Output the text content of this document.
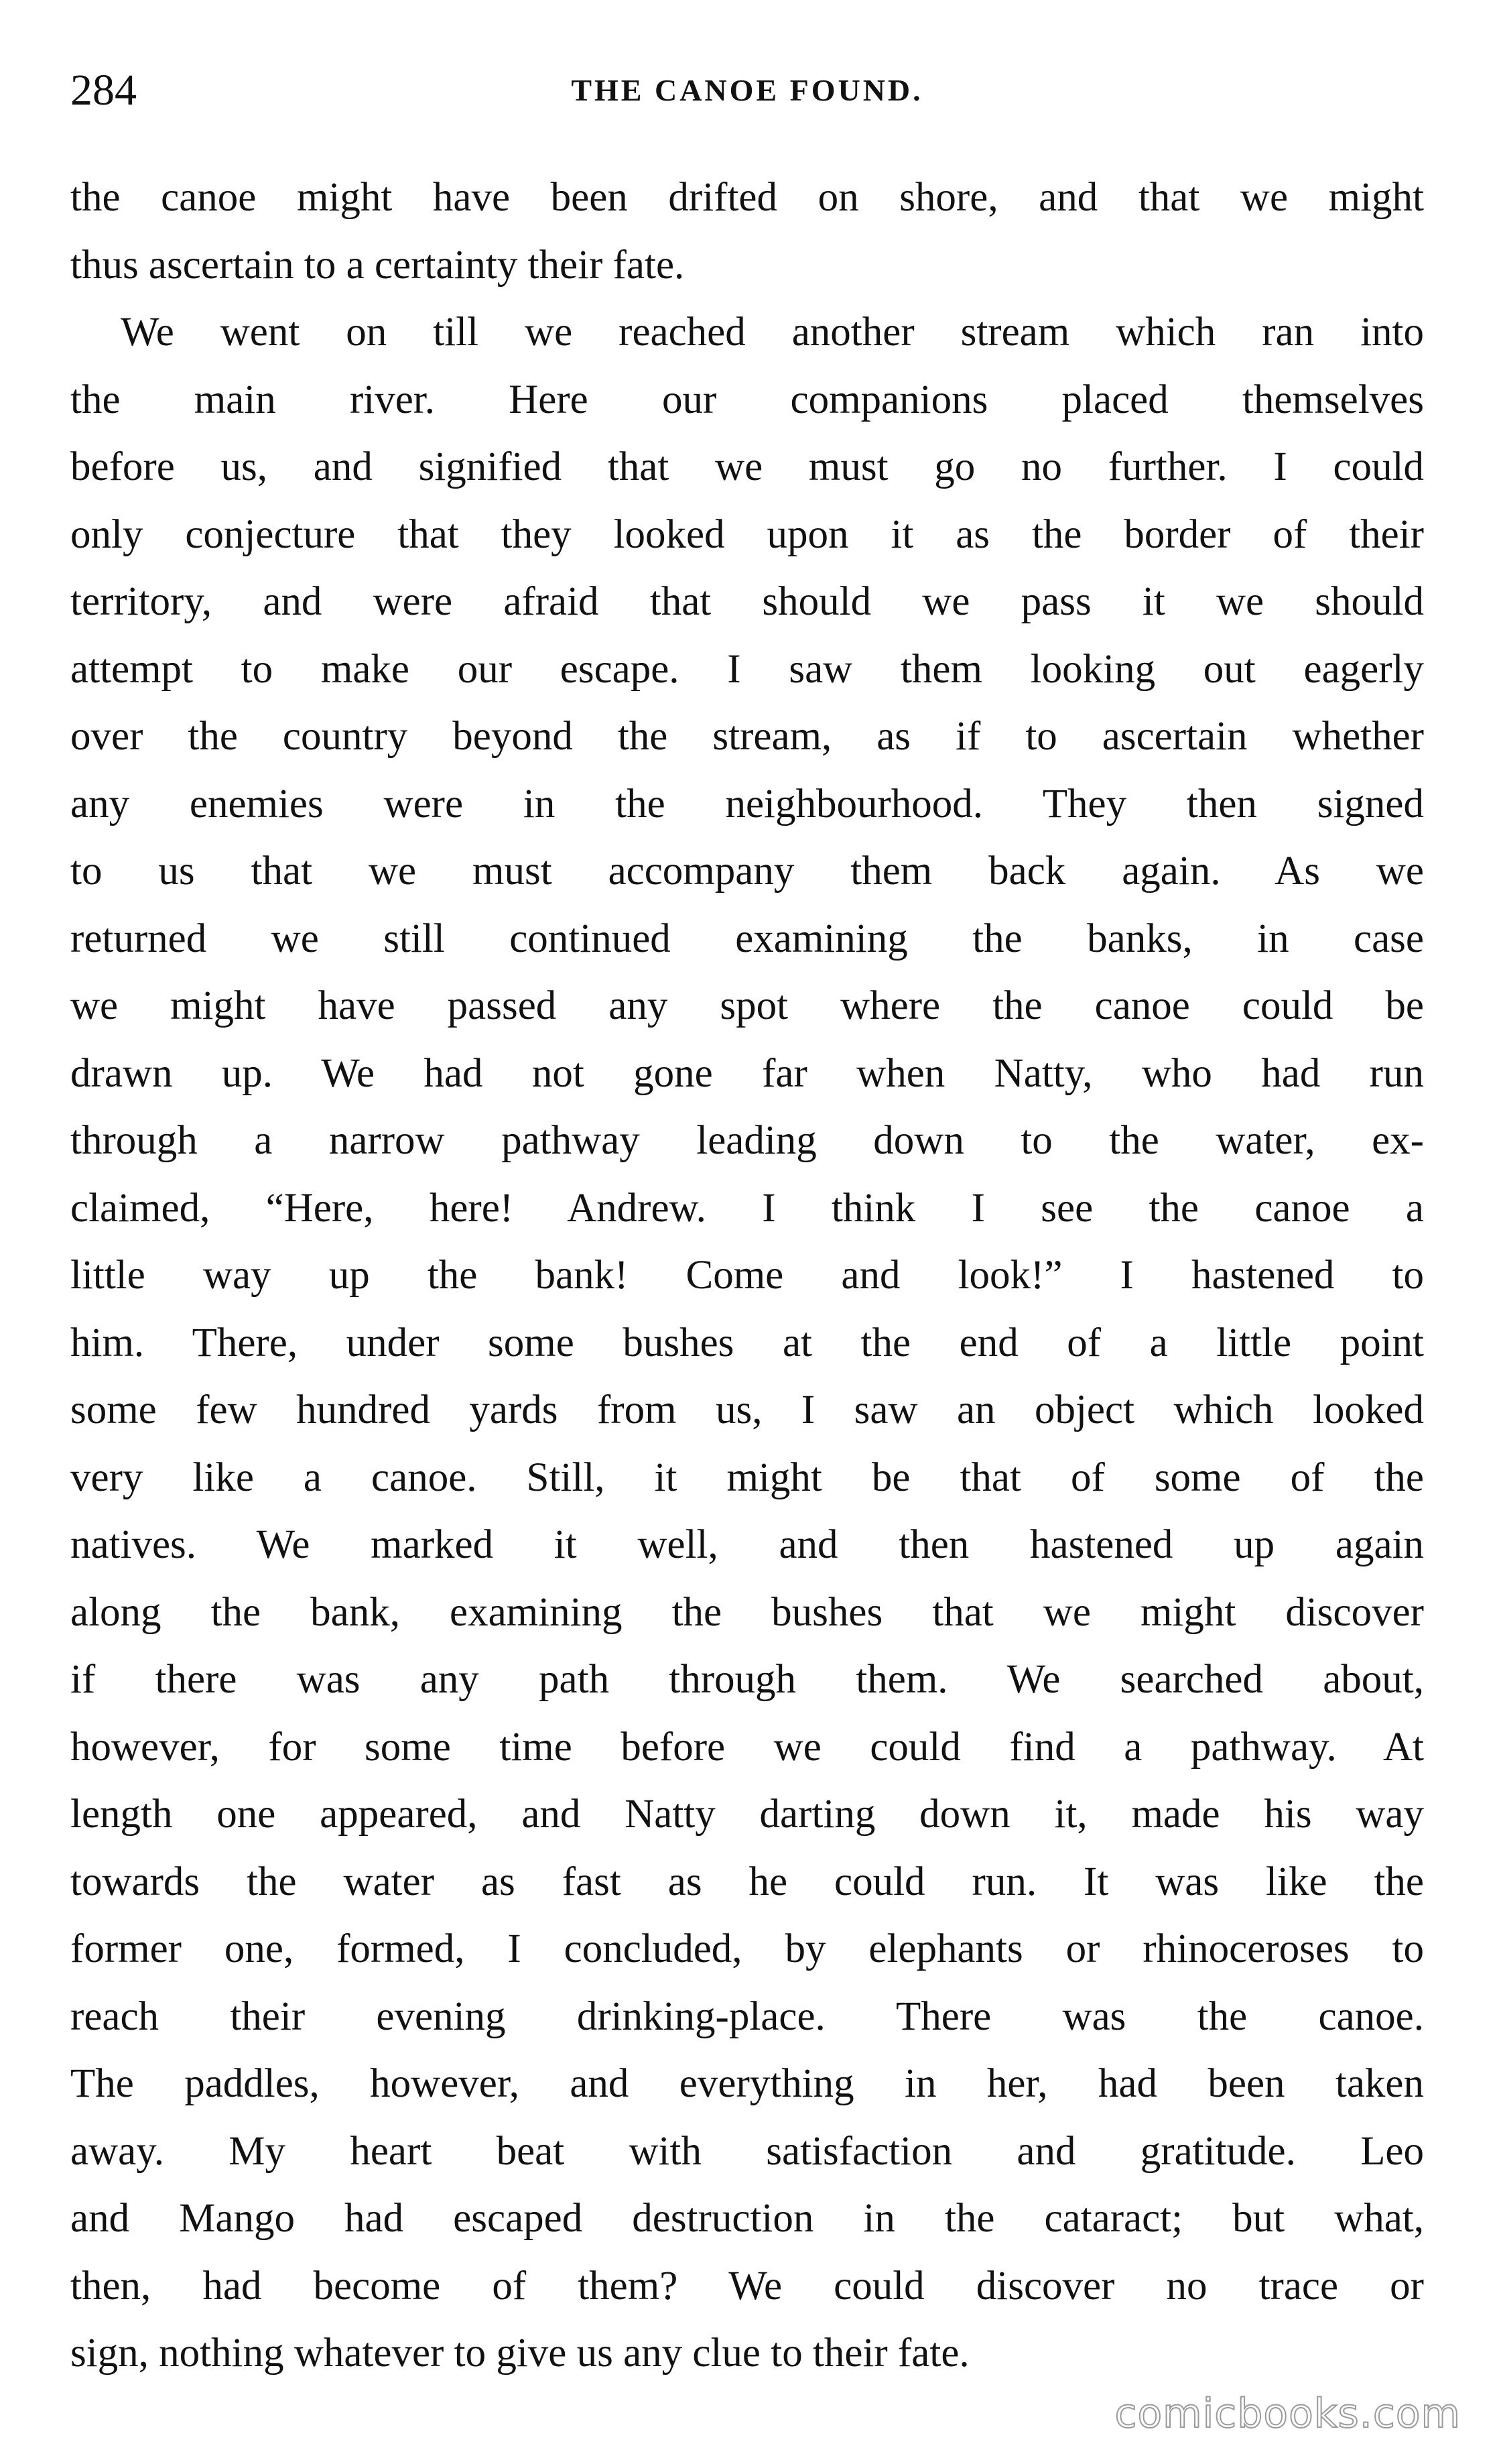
284	THE CANOE FOUND.

the canoe might have been drifted on shore, and that we might
thus ascertain to a certainty their fate.

We went on till we reached another stream which ran into
the main river. Here our companions placed themselves
before us, and signified that we must go no further. I could
only conjecture that they looked upon it as the border of their
territory, and were afraid that should we pass it we should
attempt to make our escape. I saw them looking out eagerly
over the country beyond the stream, as if to ascertain whether
any enemies were in the neighbourhood. They then signed
to us that we must accompany them back again. As we
returned we still continued examining the banks, in case
we might have passed any spot where the canoe could be
drawn up. We had not gone far when Natty, who had run
through a narrow pathway leading down to the water, ex-
claimed, “Here, here! Andrew. I think I see the canoe a
little way up the bank! Come and look!” I hastened to
him. There, under some bushes at the end of a little point
some few hundred yards from us, I saw an object which looked
very like a canoe. Still, it might be that of some of the
natives. We marked it well, and then hastened up again
along the bank, examining the bushes that we might discover
if there was any path through them. We searched about,
however, for some time before we could find a pathway. At
length one appeared, and Natty darting down it, made his way
towards the water as fast as he could run. It was like the
former one, formed, I concluded, by elephants or rhinoceroses to
reach their evening drinking-place. There was the canoe.
The paddles, however, and everything in her, had been taken
away. My heart beat with satisfaction and gratitude. Leo
and Mango had escaped destruction in the cataract; but what,
then, had become of them? We could discover no trace or
sign, nothing whatever to give us any clue to their fate.

comicbooks.com
